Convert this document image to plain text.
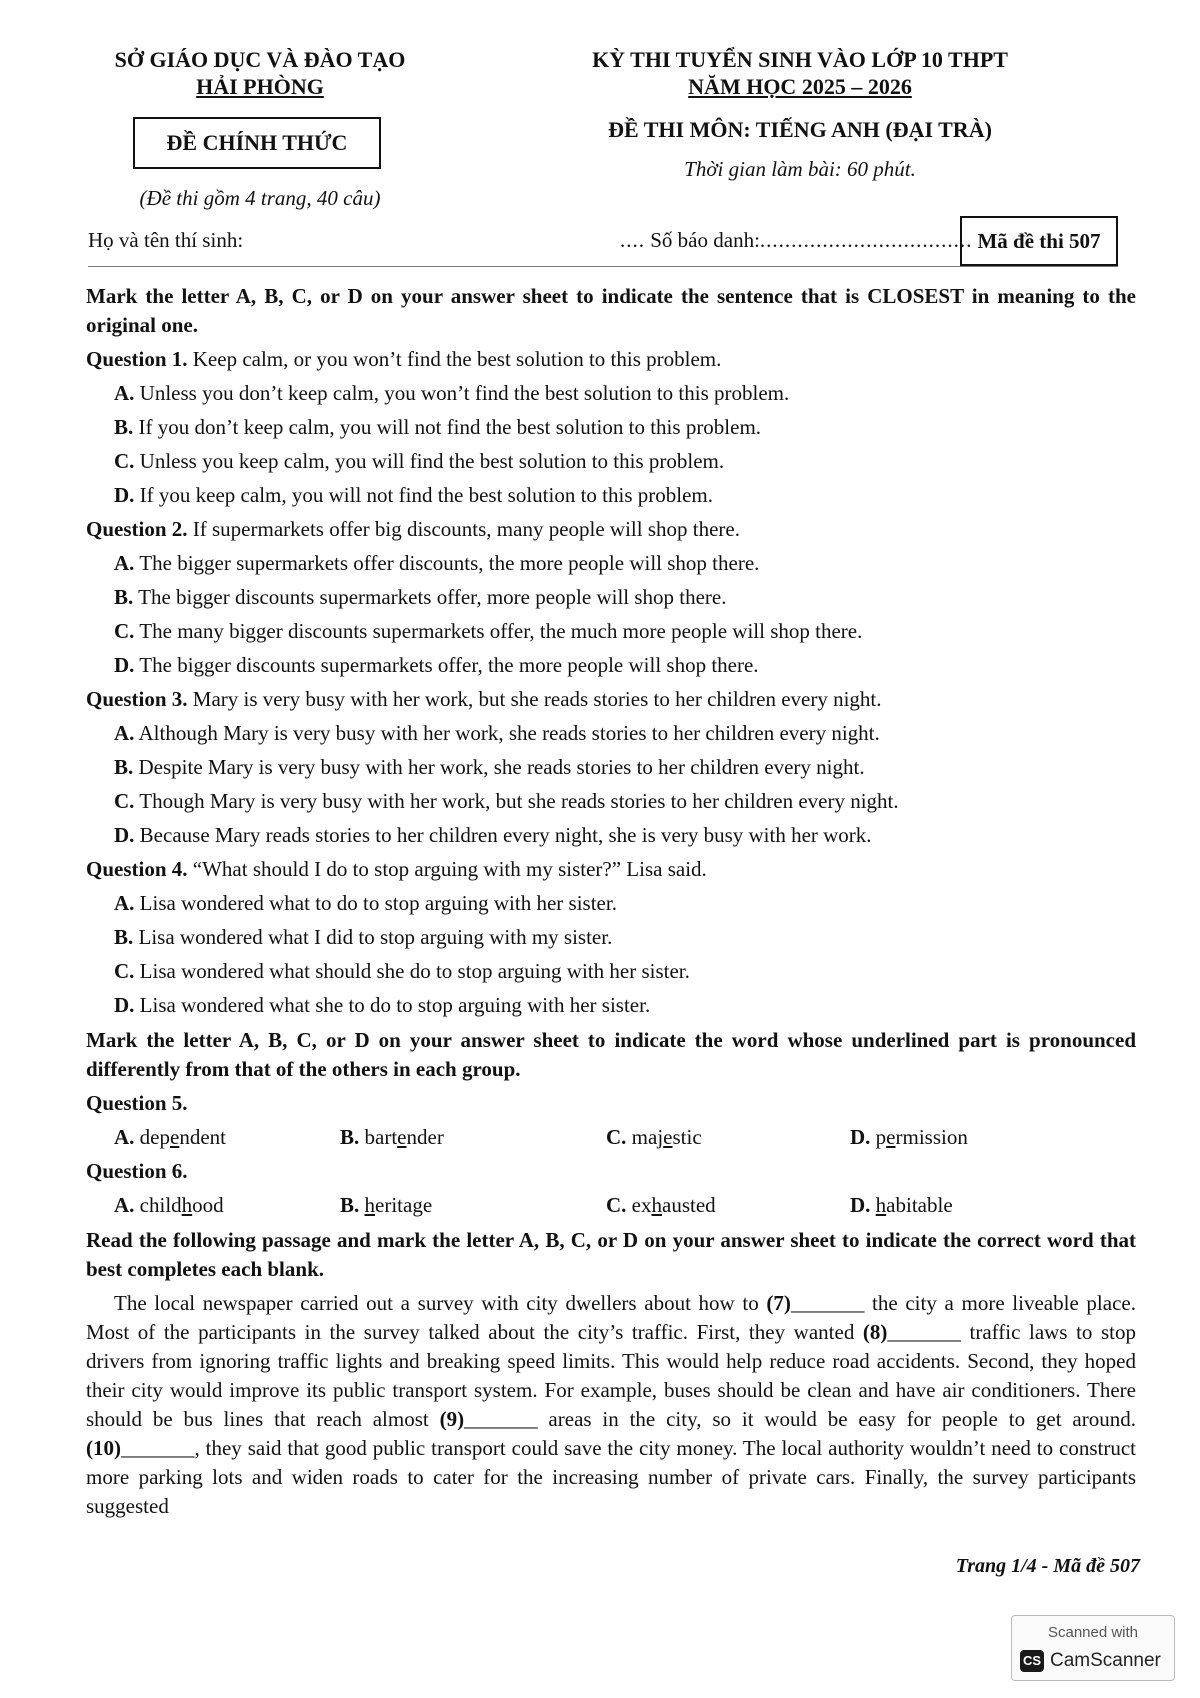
SỞ GIÁO DỤC VÀ ĐÀO TẠO
HẢI PHÒNG
KỲ THI TUYỂN SINH VÀO LỚP 10 THPT
NĂM HỌC 2025 – 2026
ĐỀ CHÍNH THỨC
ĐỀ THI MÔN: TIẾNG ANH (ĐẠI TRÀ)
Thời gian làm bài: 60 phút.
(Đề thi gồm 4 trang, 40 câu)
Họ và tên thí sinh:	.... Số báo danh:.................................. Mã đề thi 507

Mark the letter A, B, C, or D on your answer sheet to indicate the sentence that is CLOSEST in meaning to the original one.

Question 1. Keep calm, or you won’t find the best solution to this problem.
A. Unless you don’t keep calm, you won’t find the best solution to this problem.
B. If you don’t keep calm, you will not find the best solution to this problem.
C. Unless you keep calm, you will find the best solution to this problem.
D. If you keep calm, you will not find the best solution to this problem.
Question 2. If supermarkets offer big discounts, many people will shop there.
A. The bigger supermarkets offer discounts, the more people will shop there.
B. The bigger discounts supermarkets offer, more people will shop there.
C. The many bigger discounts supermarkets offer, the much more people will shop there.
D. The bigger discounts supermarkets offer, the more people will shop there.
Question 3. Mary is very busy with her work, but she reads stories to her children every night.
A. Although Mary is very busy with her work, she reads stories to her children every night.
B. Despite Mary is very busy with her work, she reads stories to her children every night.
C. Though Mary is very busy with her work, but she reads stories to her children every night.
D. Because Mary reads stories to her children every night, she is very busy with her work.
Question 4. “What should I do to stop arguing with my sister?” Lisa said.
A. Lisa wondered what to do to stop arguing with her sister.
B. Lisa wondered what I did to stop arguing with my sister.
C. Lisa wondered what should she do to stop arguing with her sister.
D. Lisa wondered what she to do to stop arguing with her sister.

Mark the letter A, B, C, or D on your answer sheet to indicate the word whose underlined part is pronounced differently from that of the others in each group.

Question 5.
A. dependent	B. bartender	C. majestic	D. permission
Question 6.
A. childhood	B. heritage	C. exhausted	D. habitable

Read the following passage and mark the letter A, B, C, or D on your answer sheet to indicate the correct word that best completes each blank.

The local newspaper carried out a survey with city dwellers about how to (7)_______ the city a more liveable place. Most of the participants in the survey talked about the city’s traffic. First, they wanted (8)_______ traffic laws to stop drivers from ignoring traffic lights and breaking speed limits. This would help reduce road accidents. Second, they hoped their city would improve its public transport system. For example, buses should be clean and have air conditioners. There should be bus lines that reach almost (9)_______ areas in the city, so it would be easy for people to get around. (10)_______, they said that good public transport could save the city money. The local authority wouldn’t need to construct more parking lots and widen roads to cater for the increasing number of private cars. Finally, the survey participants suggested

Trang 1/4 - Mã đề 507
Scanned with
CS CamScanner
